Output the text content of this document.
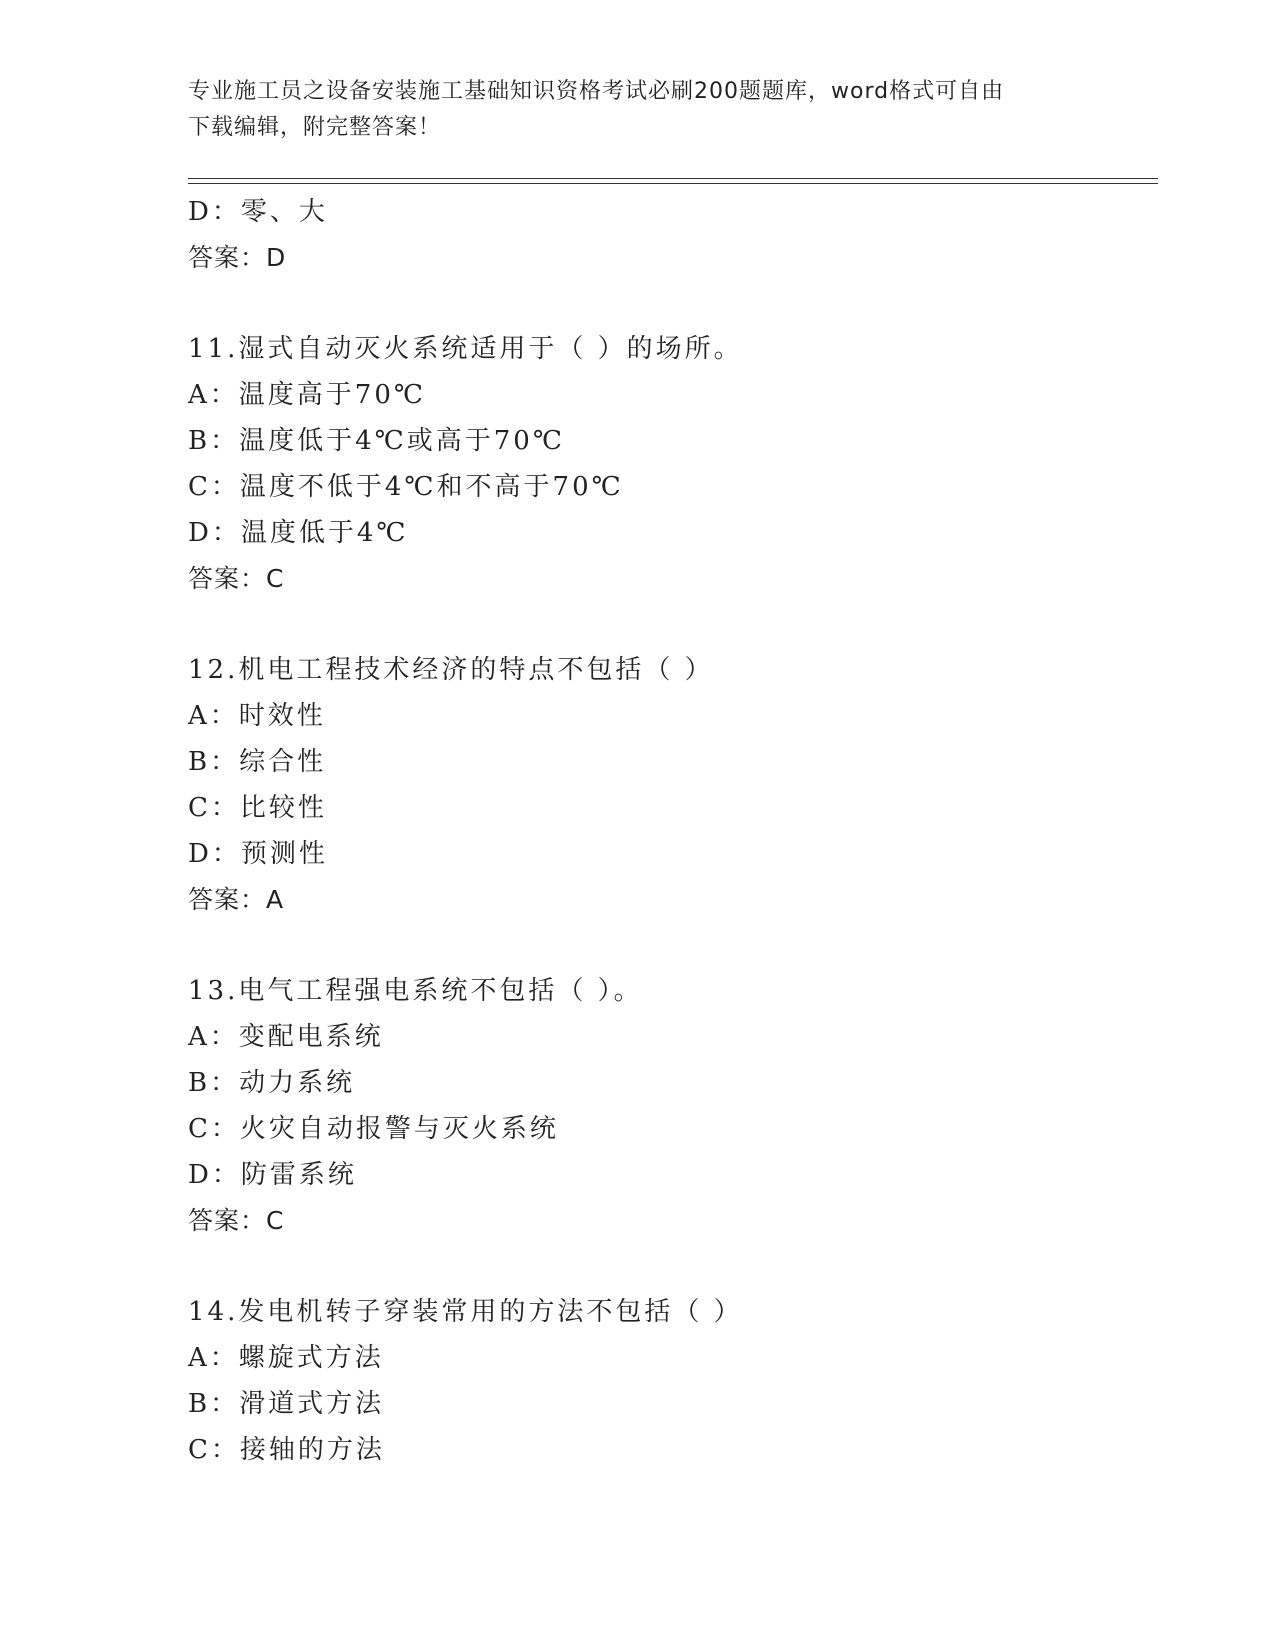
专业施工员之设备安装施工基础知识资格考试必刷200题题库，word格式可自由
下载编辑，附完整答案！
D：零、大
答案：D
11.湿式自动灭火系统适用于（ ）的场所。
A：温度高于70℃
B：温度低于4℃或高于70℃
C：温度不低于4℃和不高于70℃
D：温度低于4℃
答案：C
12.机电工程技术经济的特点不包括（ ）
A：时效性
B：综合性
C：比较性
D：预测性
答案：A
13.电气工程强电系统不包括（ ）。
A：变配电系统
B：动力系统
C：火灾自动报警与灭火系统
D：防雷系统
答案：C
14.发电机转子穿装常用的方法不包括（ ）
A：螺旋式方法
B：滑道式方法
C：接轴的方法
